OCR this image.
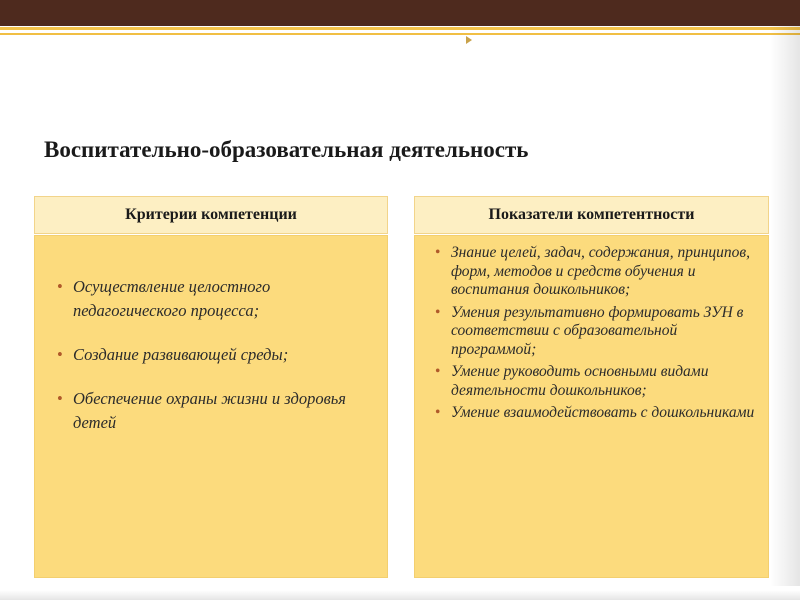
Воспитательно-образовательная деятельность
Критерии компетенции
• Осуществление целостного педагогического процесса;
• Создание развивающей среды;
• Обеспечение охраны жизни и здоровья детей
Показатели компетентности
• Знание целей, задач, содержания, принципов, форм, методов и средств обучения и воспитания дошкольников;
• Умения результативно формировать ЗУН в соответствии с образовательной программой;
• Умение руководить основными видами деятельности дошкольников;
• Умение взаимодействовать с дошкольниками
